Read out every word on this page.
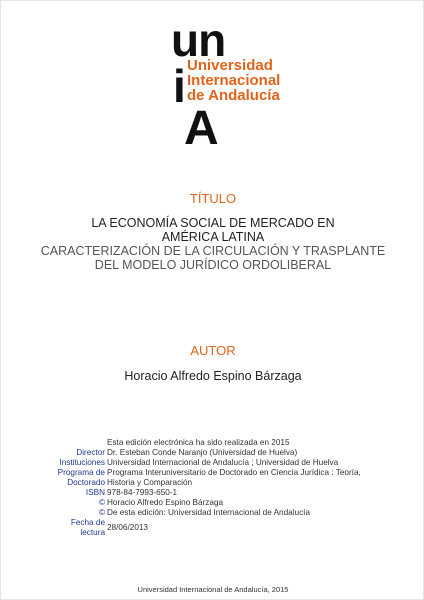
un
i
A
Universidad
Internacional
de Andalucía
TÍTULO
LA ECONOMÍA SOCIAL DE MERCADO EN AMÉRICA LATINA
CARACTERIZACIÓN DE LA CIRCULACIÓN Y TRASPLANTE
DEL MODELO JURÍDICO ORDOLIBERAL
AUTOR
Horacio Alfredo Espino Bárzaga
Esta edición electrónica ha sido realizada en 2015
Director Dr. Esteban Conde Naranjo (Universidad de Huelva)
Instituciones Universidad Internacional de Andalucía ; Universidad de Huelva
Programa de Programa Interuniversitario de Doctorado en Ciencia Jurídica : Teoría,
Doctorado Historia y Comparación
ISBN 978-84-7993-650-1
© Horacio Alfredo Espino Bárzaga
© De esta edición: Universidad Internacional de Andalucía
Fecha de
lectura
28/06/2013
Universidad Internacional de Andalucía, 2015
